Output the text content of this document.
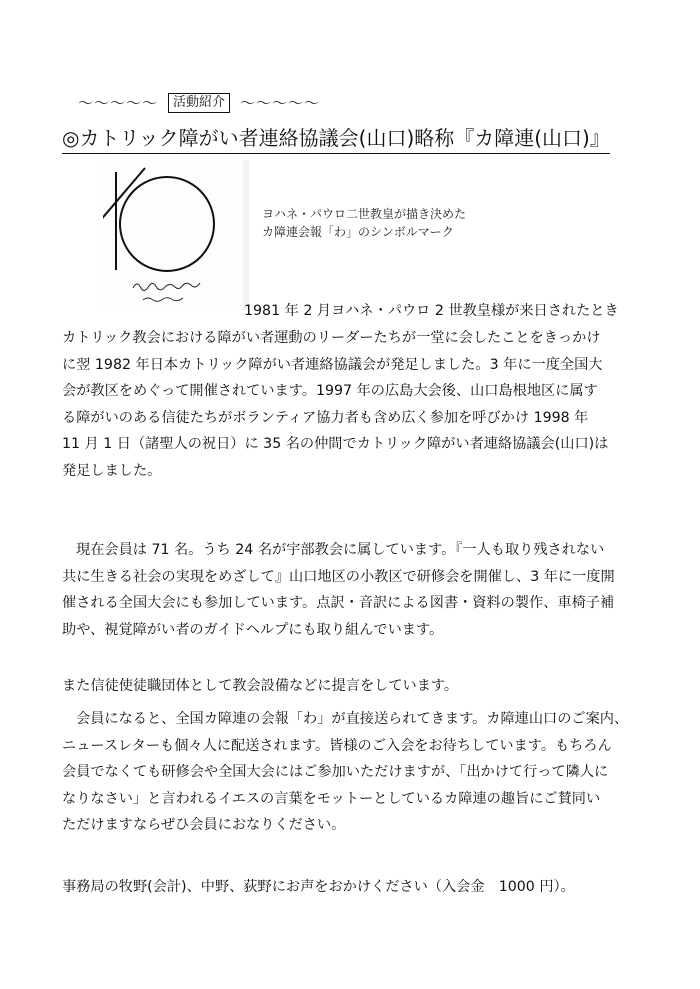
～～～～～	活動紹介	～～～～～
◎カトリック障がい者連絡協議会(山口)略称『カ障連(山口)』
ヨハネ・パウロ二世教皇が描き決めた
カ障連会報「わ」のシンボルマーク
1981 年 2 月ヨハネ・パウロ 2 世教皇様が来日されたとき
カトリック教会における障がい者運動のリーダーたちが一堂に会したことをきっかけ
に翌 1982 年日本カトリック障がい者連絡協議会が発足しました。3 年に一度全国大
会が教区をめぐって開催されています。1997 年の広島大会後、山口島根地区に属す
る障がいのある信徒たちがボランティア協力者も含め広く参加を呼びかけ 1998 年
11 月 1 日（諸聖人の祝日）に 35 名の仲間でカトリック障がい者連絡協議会(山口)は
発足しました。
現在会員は 71 名。うち 24 名が宇部教会に属しています。『一人も取り残されない
共に生きる社会の実現をめざして』山口地区の小教区で研修会を開催し、3 年に一度開
催される全国大会にも参加しています。点訳・音訳による図書・資料の製作、車椅子補
助や、視覚障がい者のガイドヘルプにも取り組んでいます。
また信徒使徒職団体として教会設備などに提言をしています。
会員になると、全国カ障連の会報「わ」が直接送られてきます。カ障連山口のご案内、
ニュースレターも個々人に配送されます。皆様のご入会をお待ちしています。もちろん
会員でなくても研修会や全国大会にはご参加いただけますが、「出かけて行って隣人に
なりなさい」と言われるイエスの言葉をモットーとしているカ障連の趣旨にご賛同い
ただけますならぜひ会員におなりください。
事務局の牧野(会計)、中野、荻野にお声をおかけください（入会金　1000 円）。
